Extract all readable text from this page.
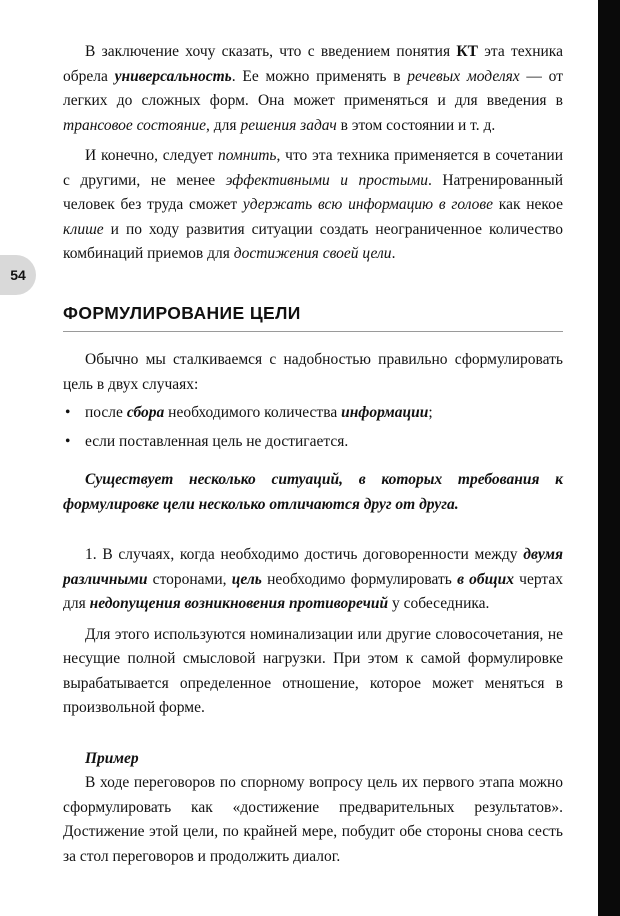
54

В заключение хочу сказать, что с введением понятия КТ эта техника обрела универсальность. Ее можно применять в речевых моделях — от легких до сложных форм. Она может применяться и для введения в трансовое состояние, для решения задач в этом состоянии и т. д.

И конечно, следует помнить, что эта техника применяется в сочетании с другими, не менее эффективными и простыми. Натренированный человек без труда сможет удержать всю информацию в голове как некое клише и по ходу развития ситуации создать неограниченное количество комбинаций приемов для достижения своей цели.

ФОРМУЛИРОВАНИЕ ЦЕЛИ

Обычно мы сталкиваемся с надобностью правильно сформулировать цель в двух случаях:

• после сбора необходимого количества информации;
• если поставленная цель не достигается.

Существует несколько ситуаций, в которых требования к формулировке цели несколько отличаются друг от друга.

1. В случаях, когда необходимо достичь договоренности между двумя различными сторонами, цель необходимо формулировать в общих чертах для недопущения возникновения противоречий у собеседника.

Для этого используются номинализации или другие словосочетания, не несущие полной смысловой нагрузки. При этом к самой формулировке вырабатывается определенное отношение, которое может меняться в произвольной форме.

Пример

В ходе переговоров по спорному вопросу цель их первого этапа можно сформулировать как «достижение предварительных результатов». Достижение этой цели, по крайней мере, побудит обе стороны снова сесть за стол переговоров и продолжить диалог.
